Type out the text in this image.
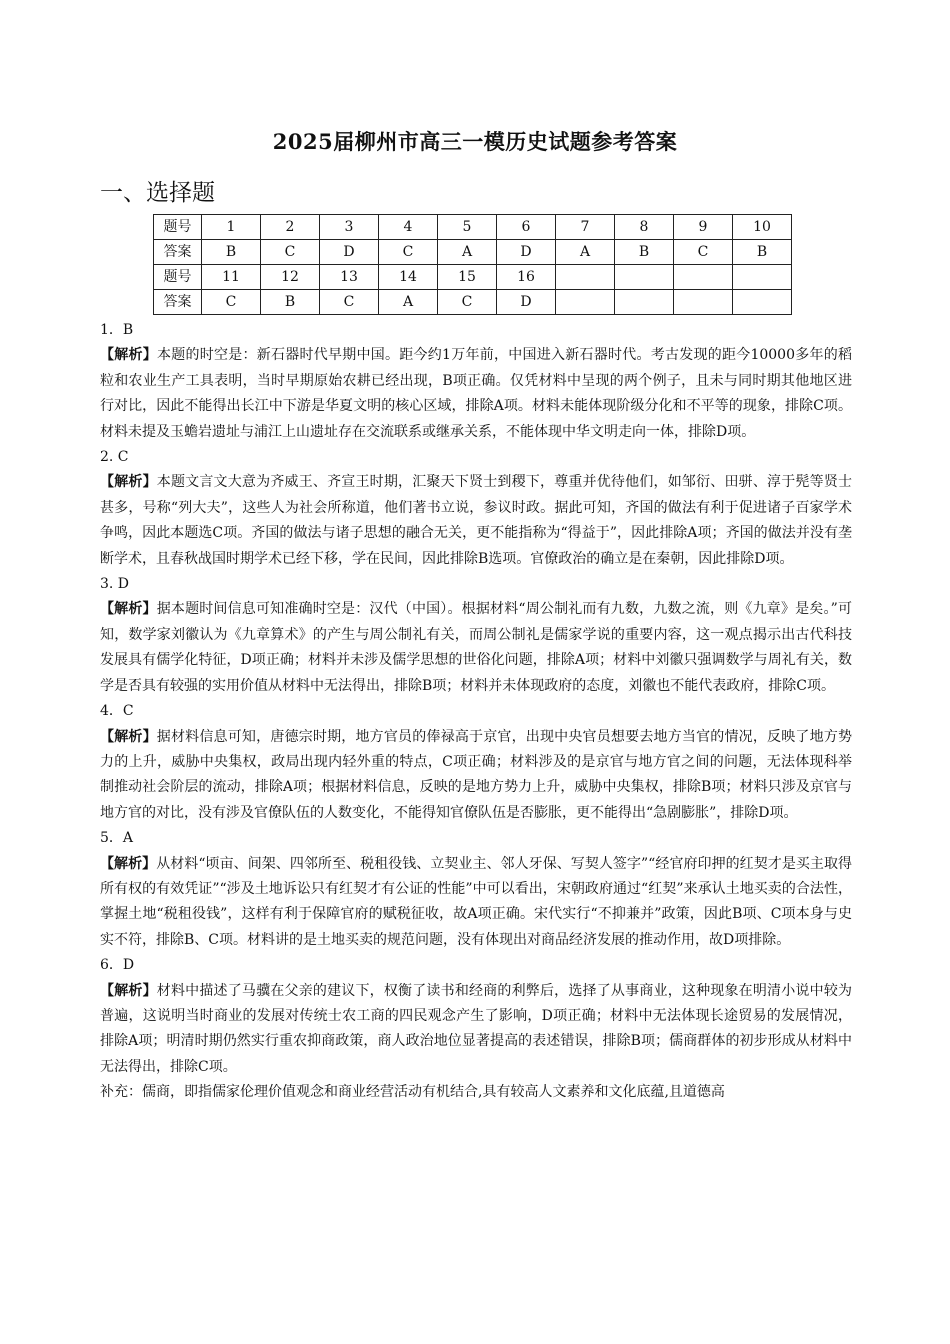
2025届柳州市高三一模历史试题参考答案
一、选择题
题号	1	2	3	4	5	6	7	8	9	10
答案	B	C	D	C	A	D	A	B	C	B
题号	11	12	13	14	15	16				
答案	C	B	C	A	C	D				

1．B

【解析】本题的时空是：新石器时代早期中国。距今约1万年前，中国进入新石器时代。考古发现的距今10000多年的稻粒和农业生产工具表明，当时早期原始农耕已经出现，B项正确。仅凭材料中呈现的两个例子，且未与同时期其他地区进行对比，因此不能得出长江中下游是华夏文明的核心区域，排除A项。材料未能体现阶级分化和不平等的现象，排除C项。材料未提及玉蟾岩遗址与浦江上山遗址存在交流联系或继承关系，不能体现中华文明走向一体，排除D项。

2. C

【解析】本题文言文大意为齐威王、齐宣王时期，汇聚天下贤士到稷下，尊重并优待他们，如邹衍、田骈、淳于髡等贤士甚多，号称“列大夫”，这些人为社会所称道，他们著书立说，参议时政。据此可知，齐国的做法有利于促进诸子百家学术争鸣，因此本题选C项。齐国的做法与诸子思想的融合无关，更不能指称为“得益于”，因此排除A项；齐国的做法并没有垄断学术，且春秋战国时期学术已经下移，学在民间，因此排除B选项。官僚政治的确立是在秦朝，因此排除D项。

3. D

【解析】据本题时间信息可知准确时空是：汉代（中国）。根据材料“周公制礼而有九数，九数之流，则《九章》是矣。”可知，数学家刘徽认为《九章算术》的产生与周公制礼有关，而周公制礼是儒家学说的重要内容，这一观点揭示出古代科技发展具有儒学化特征，D项正确；材料并未涉及儒学思想的世俗化问题，排除A项；材料中刘徽只强调数学与周礼有关，数学是否具有较强的实用价值从材料中无法得出，排除B项；材料并未体现政府的态度，刘徽也不能代表政府，排除C项。

4．C

【解析】据材料信息可知，唐德宗时期，地方官员的俸禄高于京官，出现中央官员想要去地方当官的情况，反映了地方势力的上升，威胁中央集权，政局出现内轻外重的特点，C项正确；材料涉及的是京官与地方官之间的问题，无法体现科举制推动社会阶层的流动，排除A项；根据材料信息，反映的是地方势力上升，威胁中央集权，排除B项；材料只涉及京官与地方官的对比，没有涉及官僚队伍的人数变化，不能得知官僚队伍是否膨胀，更不能得出“急剧膨胀”，排除D项。

5．A

【解析】从材料“顷亩、间架、四邻所至、税租役钱、立契业主、邻人牙保、写契人签字”“经官府印押的红契才是买主取得所有权的有效凭证”“涉及土地诉讼只有红契才有公证的性能”中可以看出，宋朝政府通过“红契”来承认土地买卖的合法性，掌握土地“税租役钱”，这样有利于保障官府的赋税征收，故A项正确。宋代实行“不抑兼并”政策，因此B项、C项本身与史实不符，排除B、C项。材料讲的是土地买卖的规范问题，没有体现出对商品经济发展的推动作用，故D项排除。

6．D

【解析】材料中描述了马骥在父亲的建议下，权衡了读书和经商的利弊后，选择了从事商业，这种现象在明清小说中较为普遍，这说明当时商业的发展对传统士农工商的四民观念产生了影响，D项正确；材料中无法体现长途贸易的发展情况，排除A项；明清时期仍然实行重农抑商政策，商人政治地位显著提高的表述错误，排除B项；儒商群体的初步形成从材料中无法得出，排除C项。

补充：儒商，即指儒家伦理价值观念和商业经营活动有机结合,具有较高人文素养和文化底蕴,且道德高
